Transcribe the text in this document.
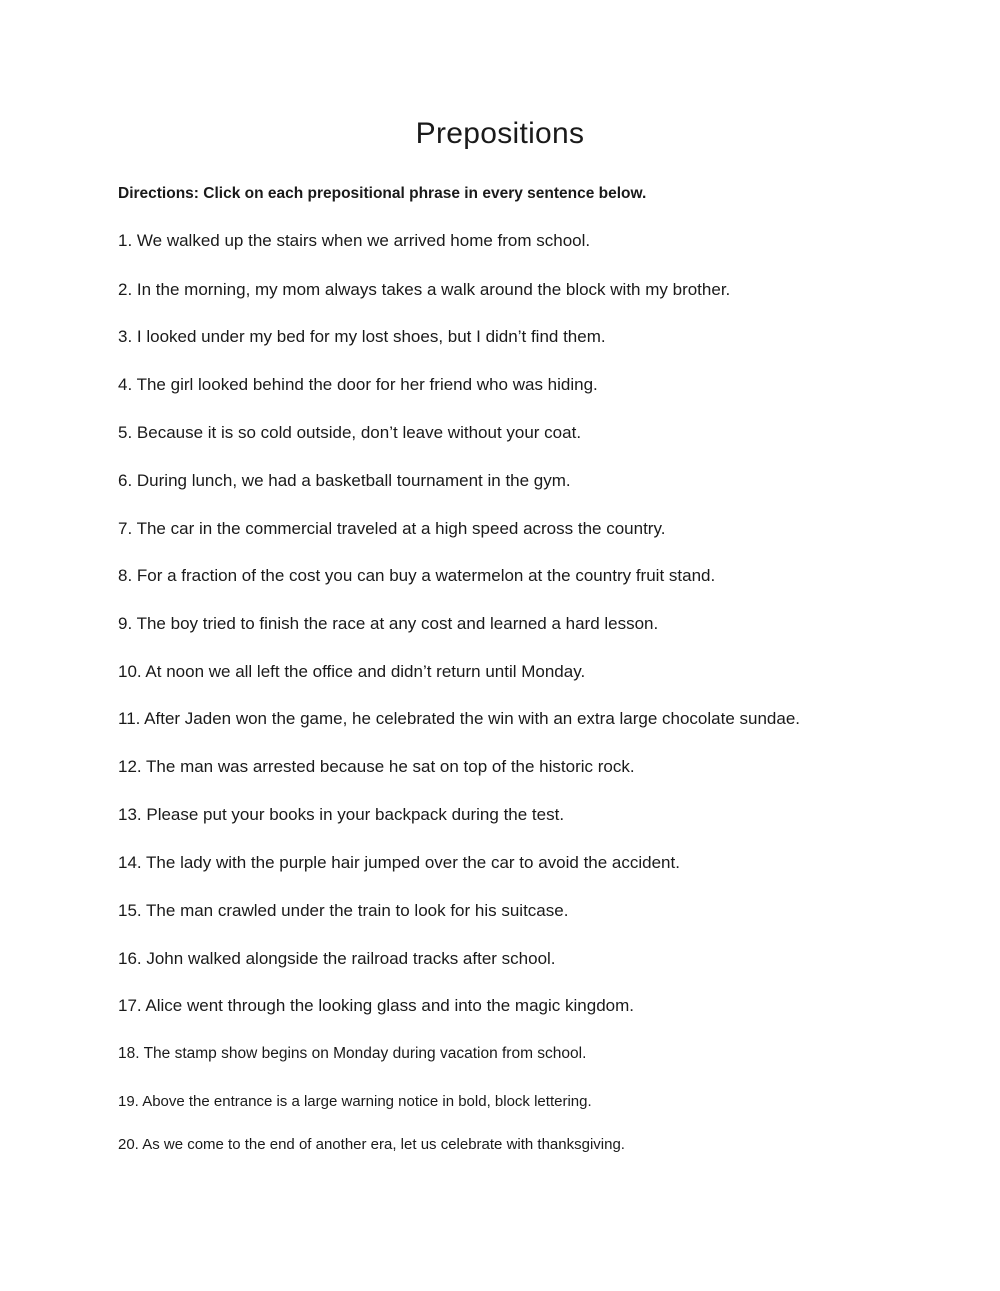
Prepositions

Directions: Click on each prepositional phrase in every sentence below.

1. We walked up the stairs when we arrived home from school.

2. In the morning, my mom always takes a walk around the block with my brother.

3. I looked under my bed for my lost shoes, but I didn’t find them.

4. The girl looked behind the door for her friend who was hiding.

5. Because it is so cold outside, don’t leave without your coat.

6. During lunch, we had a basketball tournament in the gym.

7. The car in the commercial traveled at a high speed across the country.

8. For a fraction of the cost you can buy a watermelon at the country fruit stand.

9. The boy tried to finish the race at any cost and learned a hard lesson.

10. At noon we all left the office and didn’t return until Monday.

11. After Jaden won the game, he celebrated the win with an extra large chocolate sundae.

12. The man was arrested because he sat on top of the historic rock.

13. Please put your books in your backpack during the test.

14. The lady with the purple hair jumped over the car to avoid the accident.

15. The man crawled under the train to look for his suitcase.

16. John walked alongside the railroad tracks after school.

17. Alice went through the looking glass and into the magic kingdom.

18. The stamp show begins on Monday during vacation from school.

19. Above the entrance is a large warning notice in bold, block lettering.

20. As we come to the end of another era, let us celebrate with thanksgiving.
